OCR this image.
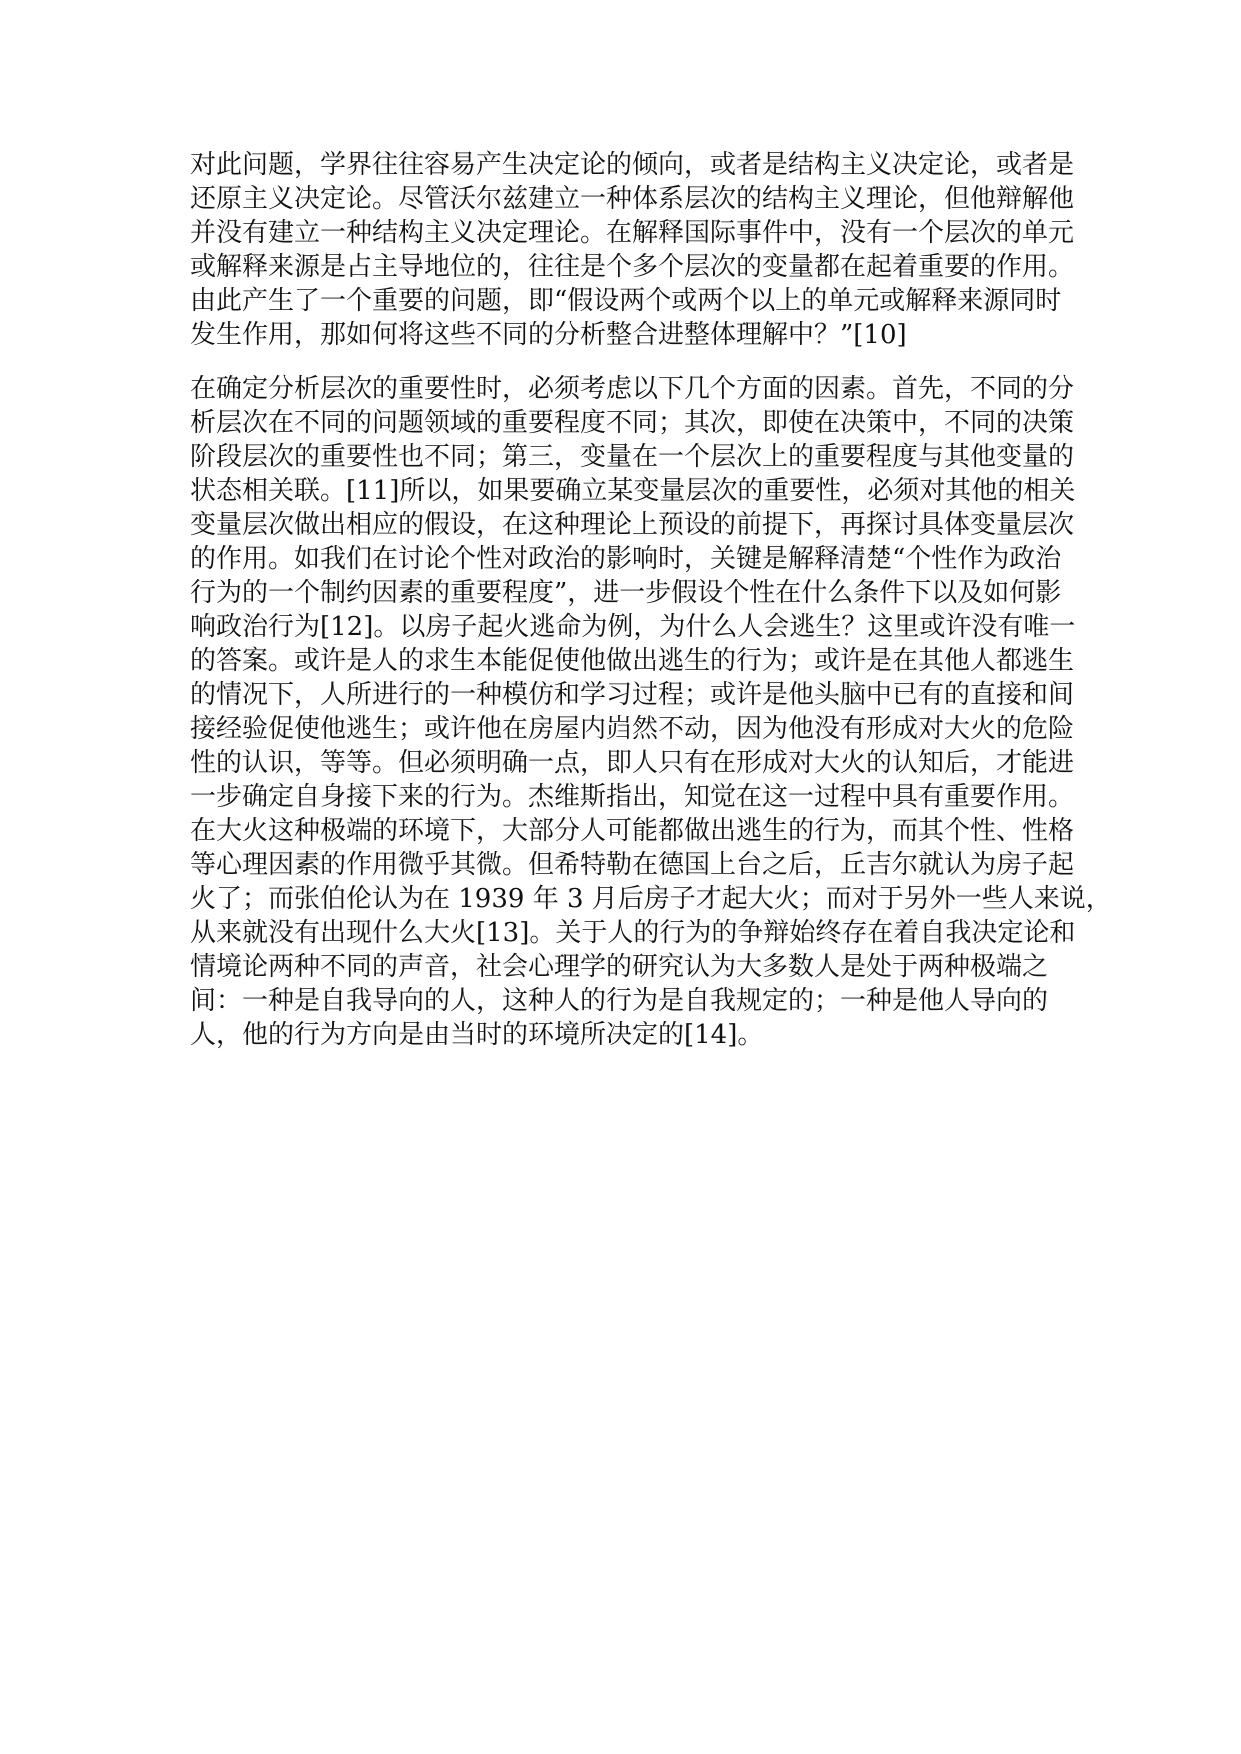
对此问题，学界往往容易产生决定论的倾向，或者是结构主义决定论，或者是
还原主义决定论。尽管沃尔兹建立一种体系层次的结构主义理论，但他辩解他
并没有建立一种结构主义决定理论。在解释国际事件中，没有一个层次的单元
或解释来源是占主导地位的，往往是个多个层次的变量都在起着重要的作用。
由此产生了一个重要的问题，即“假设两个或两个以上的单元或解释来源同时
发生作用，那如何将这些不同的分析整合进整体理解中？”[10]
在确定分析层次的重要性时，必须考虑以下几个方面的因素。首先，不同的分
析层次在不同的问题领域的重要程度不同；其次，即使在决策中，不同的决策
阶段层次的重要性也不同；第三，变量在一个层次上的重要程度与其他变量的
状态相关联。[11]所以，如果要确立某变量层次的重要性，必须对其他的相关
变量层次做出相应的假设，在这种理论上预设的前提下，再探讨具体变量层次
的作用。如我们在讨论个性对政治的影响时，关键是解释清楚“个性作为政治
行为的一个制约因素的重要程度”，进一步假设个性在什么条件下以及如何影
响政治行为[12]。以房子起火逃命为例，为什么人会逃生？这里或许没有唯一
的答案。或许是人的求生本能促使他做出逃生的行为；或许是在其他人都逃生
的情况下，人所进行的一种模仿和学习过程；或许是他头脑中已有的直接和间
接经验促使他逃生；或许他在房屋内岿然不动，因为他没有形成对大火的危险
性的认识，等等。但必须明确一点，即人只有在形成对大火的认知后，才能进
一步确定自身接下来的行为。杰维斯指出，知觉在这一过程中具有重要作用。
在大火这种极端的环境下，大部分人可能都做出逃生的行为，而其个性、性格
等心理因素的作用微乎其微。但希特勒在德国上台之后，丘吉尔就认为房子起
火了；而张伯伦认为在 1939 年 3 月后房子才起大火；而对于另外一些人来说，
从来就没有出现什么大火[13]。关于人的行为的争辩始终存在着自我决定论和
情境论两种不同的声音，社会心理学的研究认为大多数人是处于两种极端之
间：一种是自我导向的人，这种人的行为是自我规定的；一种是他人导向的
人，他的行为方向是由当时的环境所决定的[14]。
